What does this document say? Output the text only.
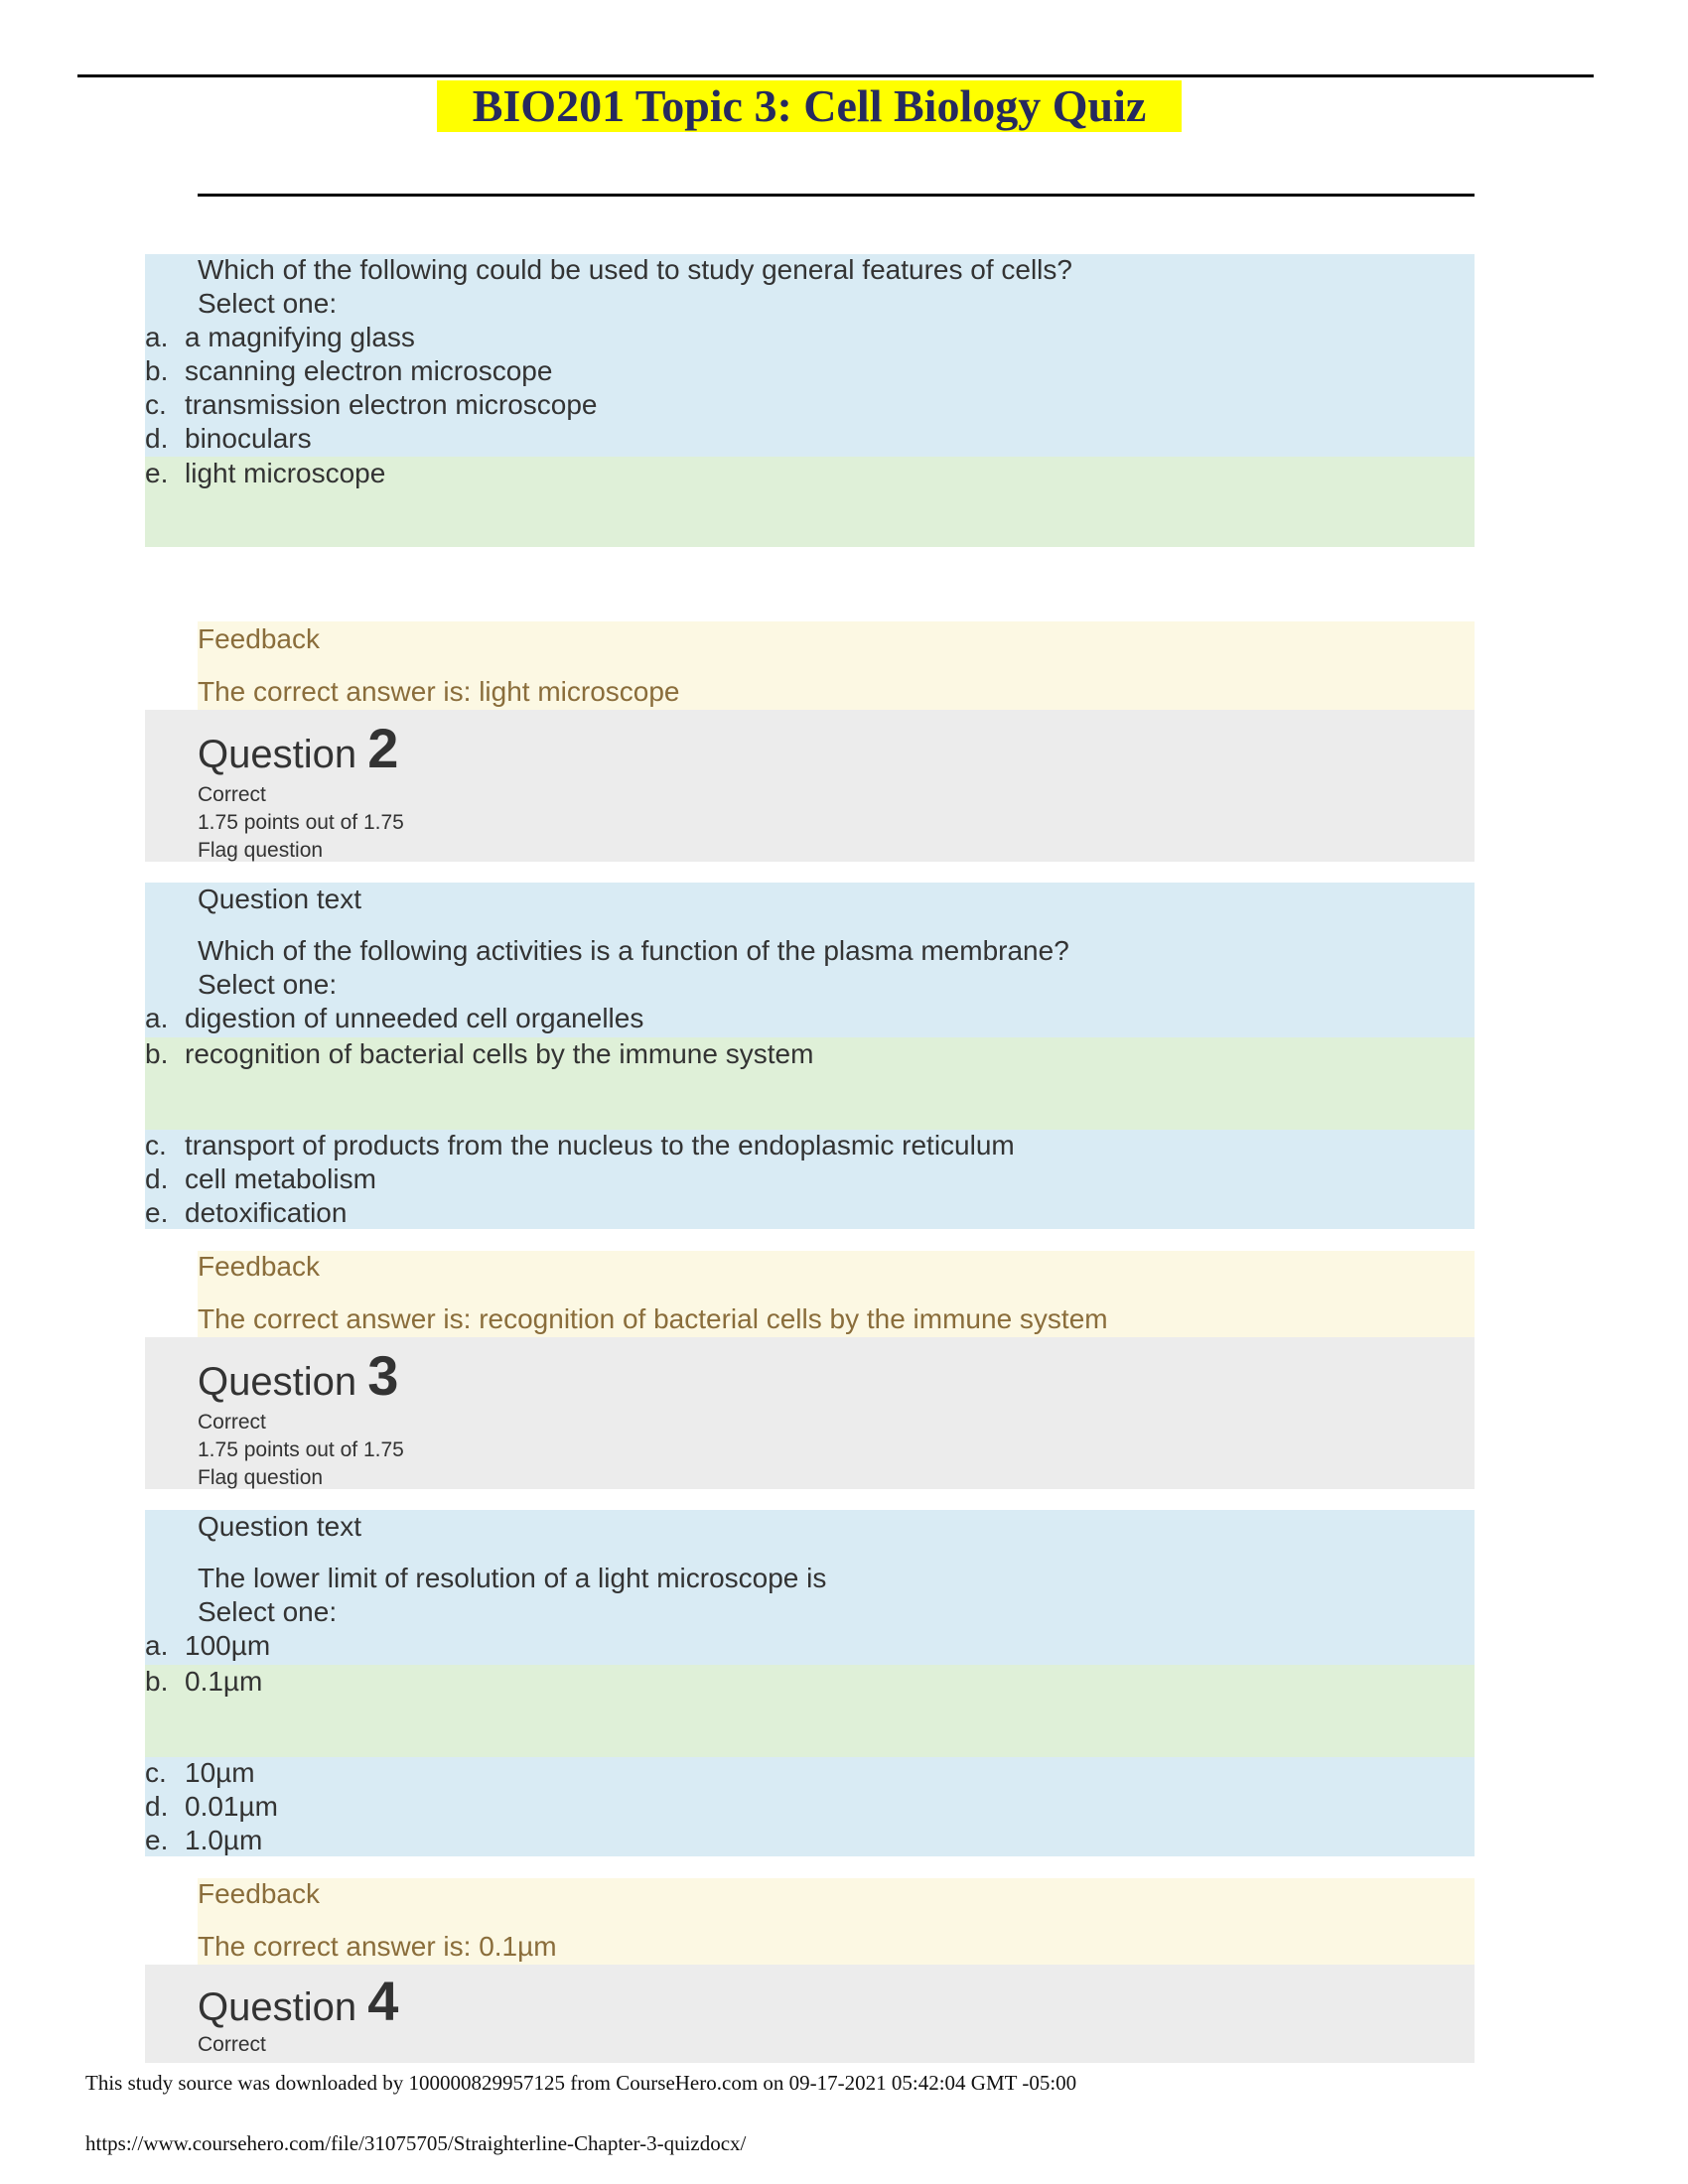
BIO201 Topic 3: Cell Biology Quiz
Which of the following could be used to study general features of cells?
Select one:
a. a magnifying glass
b. scanning electron microscope
c. transmission electron microscope
d. binoculars
e. light microscope
Feedback
The correct answer is: light microscope
Question 2
Correct
1.75 points out of 1.75
Flag question
Question text
Which of the following activities is a function of the plasma membrane?
Select one:
a. digestion of unneeded cell organelles
b. recognition of bacterial cells by the immune system
c. transport of products from the nucleus to the endoplasmic reticulum
d. cell metabolism
e. detoxification
Feedback
The correct answer is: recognition of bacterial cells by the immune system
Question 3
Correct
1.75 points out of 1.75
Flag question
Question text
The lower limit of resolution of a light microscope is
Select one:
a. 100µm
b. 0.1µm
c. 10µm
d. 0.01µm
e. 1.0µm
Feedback
The correct answer is: 0.1µm
Question 4
Correct
This study source was downloaded by 100000829957125 from CourseHero.com on 09-17-2021 05:42:04 GMT -05:00
https://www.coursehero.com/file/31075705/Straighterline-Chapter-3-quizdocx/
